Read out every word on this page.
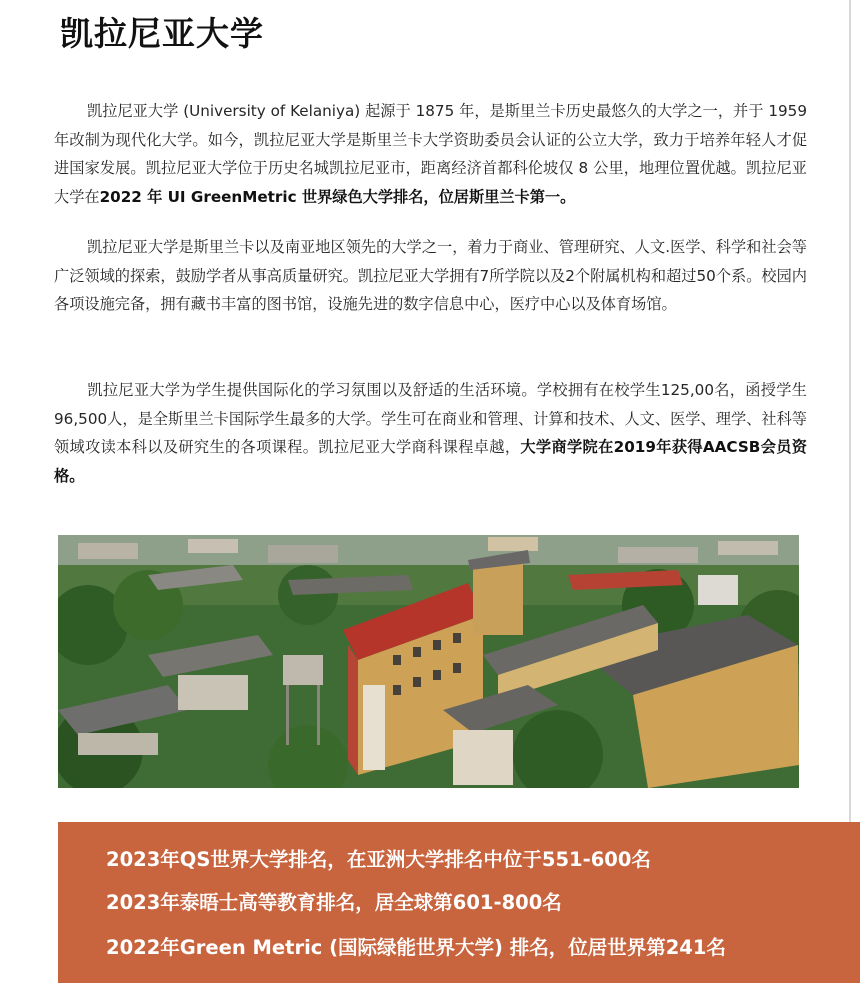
凯拉尼亚大学

凯拉尼亚大学 (University of Kelaniya) 起源于 1875 年，是斯里兰卡历史最悠久的大学之一，并于 1959 年改制为现代化大学。如今，凯拉尼亚大学是斯里兰卡大学资助委员会认证的公立大学，致力于培养年轻人才促进国家发展。凯拉尼亚大学位于历史名城凯拉尼亚市，距离经济首都科伦坡仅 8 公里，地理位置优越。凯拉尼亚大学在2022 年 UI GreenMetric 世界绿色大学排名，位居斯里兰卡第一。

凯拉尼亚大学是斯里兰卡以及南亚地区领先的大学之一，着力于商业、管理研究、人文.医学、科学和社会等广泛领域的探索，鼓励学者从事高质量研究。凯拉尼亚大学拥有7所学院以及2个附属机构和超过50个系。校园内各项设施完备，拥有藏书丰富的图书馆，设施先进的数字信息中心，医疗中心以及体育场馆。

凯拉尼亚大学为学生提供国际化的学习氛围以及舒适的生活环境。学校拥有在校学生125,00名，函授学生96,500人，是全斯里兰卡国际学生最多的大学。学生可在商业和管理、计算和技术、人文、医学、理学、社科等领域攻读本科以及研究生的各项课程。凯拉尼亚大学商科课程卓越，大学商学院在2019年获得AACSB会员资格。

2023年QS世界大学排名，在亚洲大学排名中位于551-600名

2023年泰晤士高等教育排名，居全球第601-800名

2022年Green Metric (国际绿能世界大学) 排名，位居世界第241名
